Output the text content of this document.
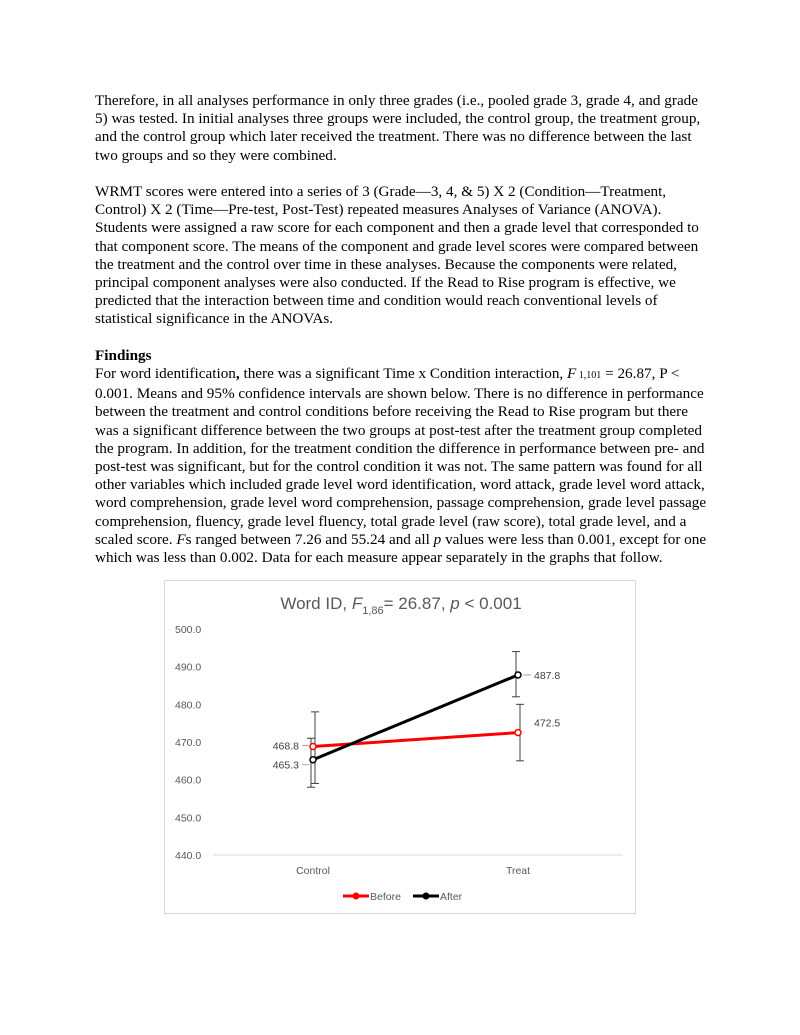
Therefore, in all analyses performance in only three grades (i.e., pooled grade 3, grade 4, and grade 5) was tested. In initial analyses three groups were included, the control group, the treatment group, and the control group which later received the treatment. There was no difference between the last two groups and so they were combined.

WRMT scores were entered into a series of 3 (Grade—3, 4, & 5) X 2 (Condition—Treatment, Control) X 2 (Time—Pre-test, Post-Test) repeated measures Analyses of Variance (ANOVA). Students were assigned a raw score for each component and then a grade level that corresponded to that component score. The means of the component and grade level scores were compared between the treatment and the control over time in these analyses. Because the components were related, principal component analyses were also conducted. If the Read to Rise program is effective, we predicted that the interaction between time and condition would reach conventional levels of statistical significance in the ANOVAs.

Findings

For word identification, there was a significant Time x Condition interaction, F 1,101 = 26.87, P < 0.001. Means and 95% confidence intervals are shown below. There is no difference in performance between the treatment and control conditions before receiving the Read to Rise program but there was a significant difference between the two groups at post-test after the treatment group completed the program. In addition, for the treatment condition the difference in performance between pre- and post-test was significant, but for the control condition it was not. The same pattern was found for all other variables which included grade level word identification, word attack, grade level word attack, word comprehension, grade level word comprehension, passage comprehension, grade level passage comprehension, fluency, grade level fluency, total grade level (raw score), total grade level, and a scaled score. Fs ranged between 7.26 and 55.24 and all p values were less than 0.001, except for one which was less than 0.002. Data for each measure appear separately in the graphs that follow.

Word ID, $F_{1,86}= 26.87$, p < 0.001
440.0
450.0
460.0
470.0
480.0
490.0
500.0
Control	Treat
468.8
472.5
465.3
487.8
Before	After
